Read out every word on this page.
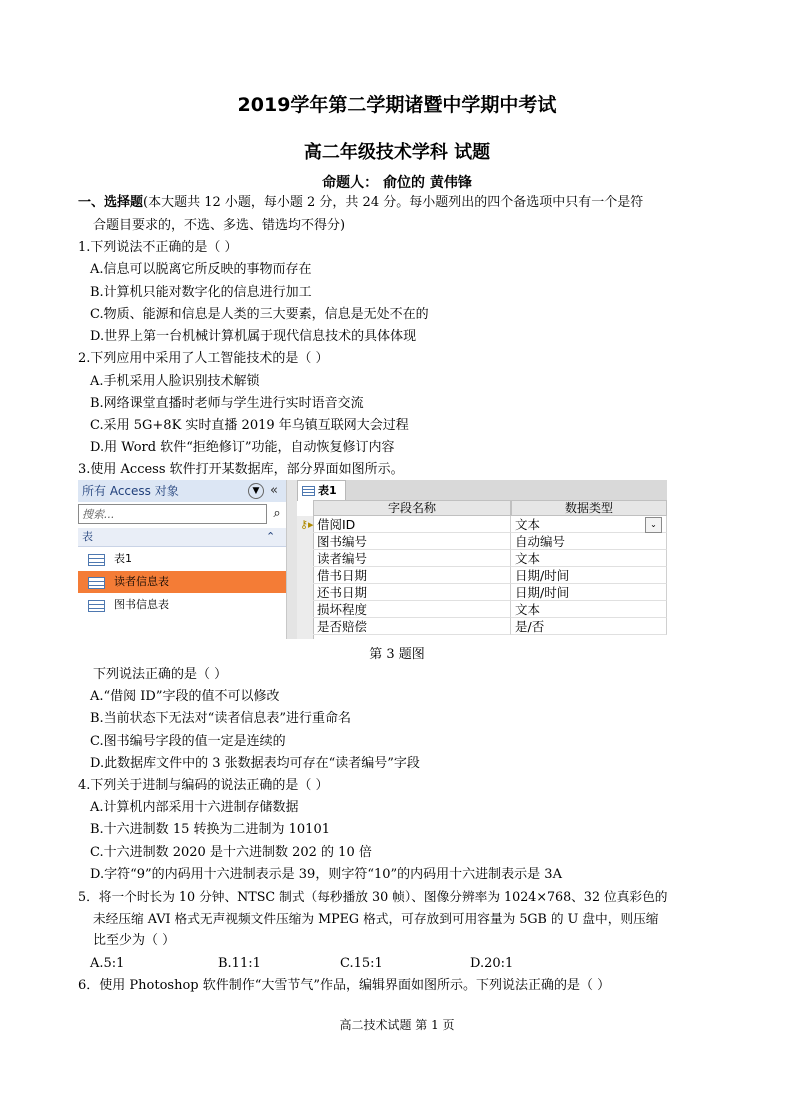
2019学年第二学期诸暨中学期中考试
高二年级技术学科 试题
命题人： 俞位的 黄伟锋
一、选择题(本大题共 12 小题，每小题 2 分，共 24 分。每小题列出的四个备选项中只有一个是符
合题目要求的，不选、多选、错选均不得分)
1.下列说法不正确的是（ ）
A.信息可以脱离它所反映的事物而存在
B.计算机只能对数字化的信息进行加工
C.物质、能源和信息是人类的三大要素，信息是无处不在的
D.世界上第一台机械计算机属于现代信息技术的具体体现
2.下列应用中采用了人工智能技术的是（ ）
A.手机采用人脸识别技术解锁
B.网络课堂直播时老师与学生进行实时语音交流
C.采用 5G+8K 实时直播 2019 年乌镇互联网大会过程
D.用 Word 软件“拒绝修订”功能，自动恢复修订内容
3.使用 Access 软件打开某数据库，部分界面如图所示。
所有 Access 对象	▼ «
搜索...	⌕
表	⌃
表1
读者信息表
图书信息表
表1
字段名称	数据类型
⚷▸ 借阅ID	文本	⌄
图书编号	自动编号
读者编号	文本
借书日期	日期/时间
还书日期	日期/时间
损坏程度	文本
是否赔偿	是/否
第 3 题图
下列说法正确的是（ ）
A.“借阅 ID”字段的值不可以修改
B.当前状态下无法对“读者信息表”进行重命名
C.图书编号字段的值一定是连续的
D.此数据库文件中的 3 张数据表均可存在“读者编号”字段
4.下列关于进制与编码的说法正确的是（ ）
A.计算机内部采用十六进制存储数据
B.十六进制数 15 转换为二进制为 10101
C.十六进制数 2020 是十六进制数 202 的 10 倍
D.字符“9”的内码用十六进制表示是 39，则字符“10”的内码用十六进制表示是 3A
5．将一个时长为 10 分钟、NTSC 制式（每秒播放 30 帧）、图像分辨率为 1024×768、32 位真彩色的
未经压缩 AVI 格式无声视频文件压缩为 MPEG 格式，可存放到可用容量为 5GB 的 U 盘中，则压缩
比至少为（ ）
A.5:1	B.11:1	C.15:1	D.20:1
6．使用 Photoshop 软件制作“大雪节气”作品，编辑界面如图所示。下列说法正确的是（ ）
高二技术试题 第 1 页
